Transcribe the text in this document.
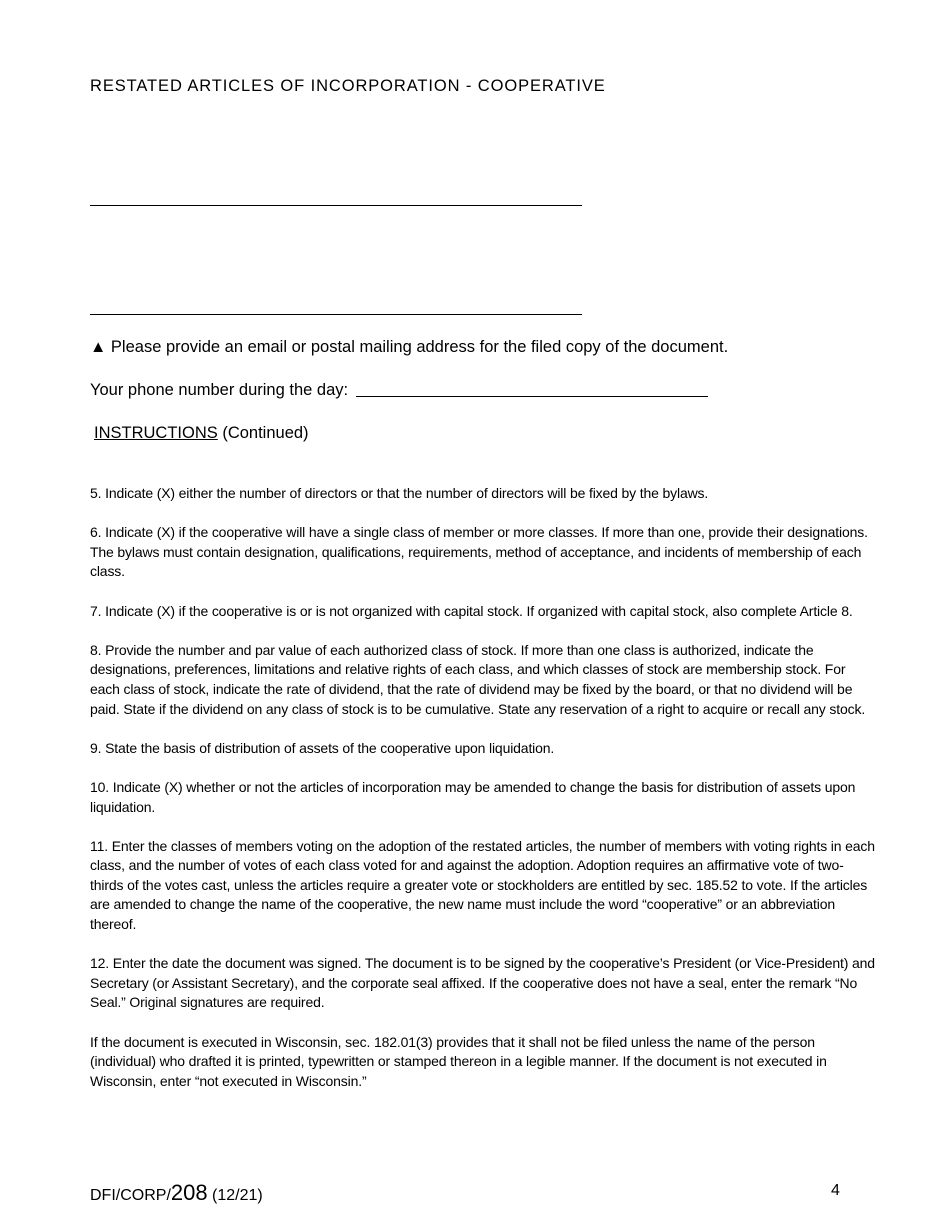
RESTATED ARTICLES OF INCORPORATION - COOPERATIVE
▲ Please provide an email or postal mailing address for the filed copy of the document.
Your phone number during the day:
INSTRUCTIONS (Continued)

5. Indicate (X) either the number of directors or that the number of directors will be fixed by the bylaws.

6. Indicate (X) if the cooperative will have a single class of member or more classes. If more than one, provide their designations. The bylaws must contain designation, qualifications, requirements, method of acceptance, and incidents of membership of each class.

7. Indicate (X) if the cooperative is or is not organized with capital stock. If organized with capital stock, also complete Article 8.

8. Provide the number and par value of each authorized class of stock. If more than one class is authorized, indicate the designations, preferences, limitations and relative rights of each class, and which classes of stock are membership stock. For each class of stock, indicate the rate of dividend, that the rate of dividend may be fixed by the board, or that no dividend will be paid. State if the dividend on any class of stock is to be cumulative. State any reservation of a right to acquire or recall any stock.

9. State the basis of distribution of assets of the cooperative upon liquidation.

10. Indicate (X) whether or not the articles of incorporation may be amended to change the basis for distribution of assets upon liquidation.

11. Enter the classes of members voting on the adoption of the restated articles, the number of members with voting rights in each class, and the number of votes of each class voted for and against the adoption. Adoption requires an affirmative vote of two-thirds of the votes cast, unless the articles require a greater vote or stockholders are entitled by sec. 185.52 to vote. If the articles are amended to change the name of the cooperative, the new name must include the word “cooperative” or an abbreviation thereof.

12. Enter the date the document was signed. The document is to be signed by the cooperative’s President (or Vice-President) and Secretary (or Assistant Secretary), and the corporate seal affixed. If the cooperative does not have a seal, enter the remark “No Seal.” Original signatures are required.

If the document is executed in Wisconsin, sec. 182.01(3) provides that it shall not be filed unless the name of the person (individual) who drafted it is printed, typewritten or stamped thereon in a legible manner. If the document is not executed in Wisconsin, enter “not executed in Wisconsin.”

DFI/CORP/208 (12/21)	4
